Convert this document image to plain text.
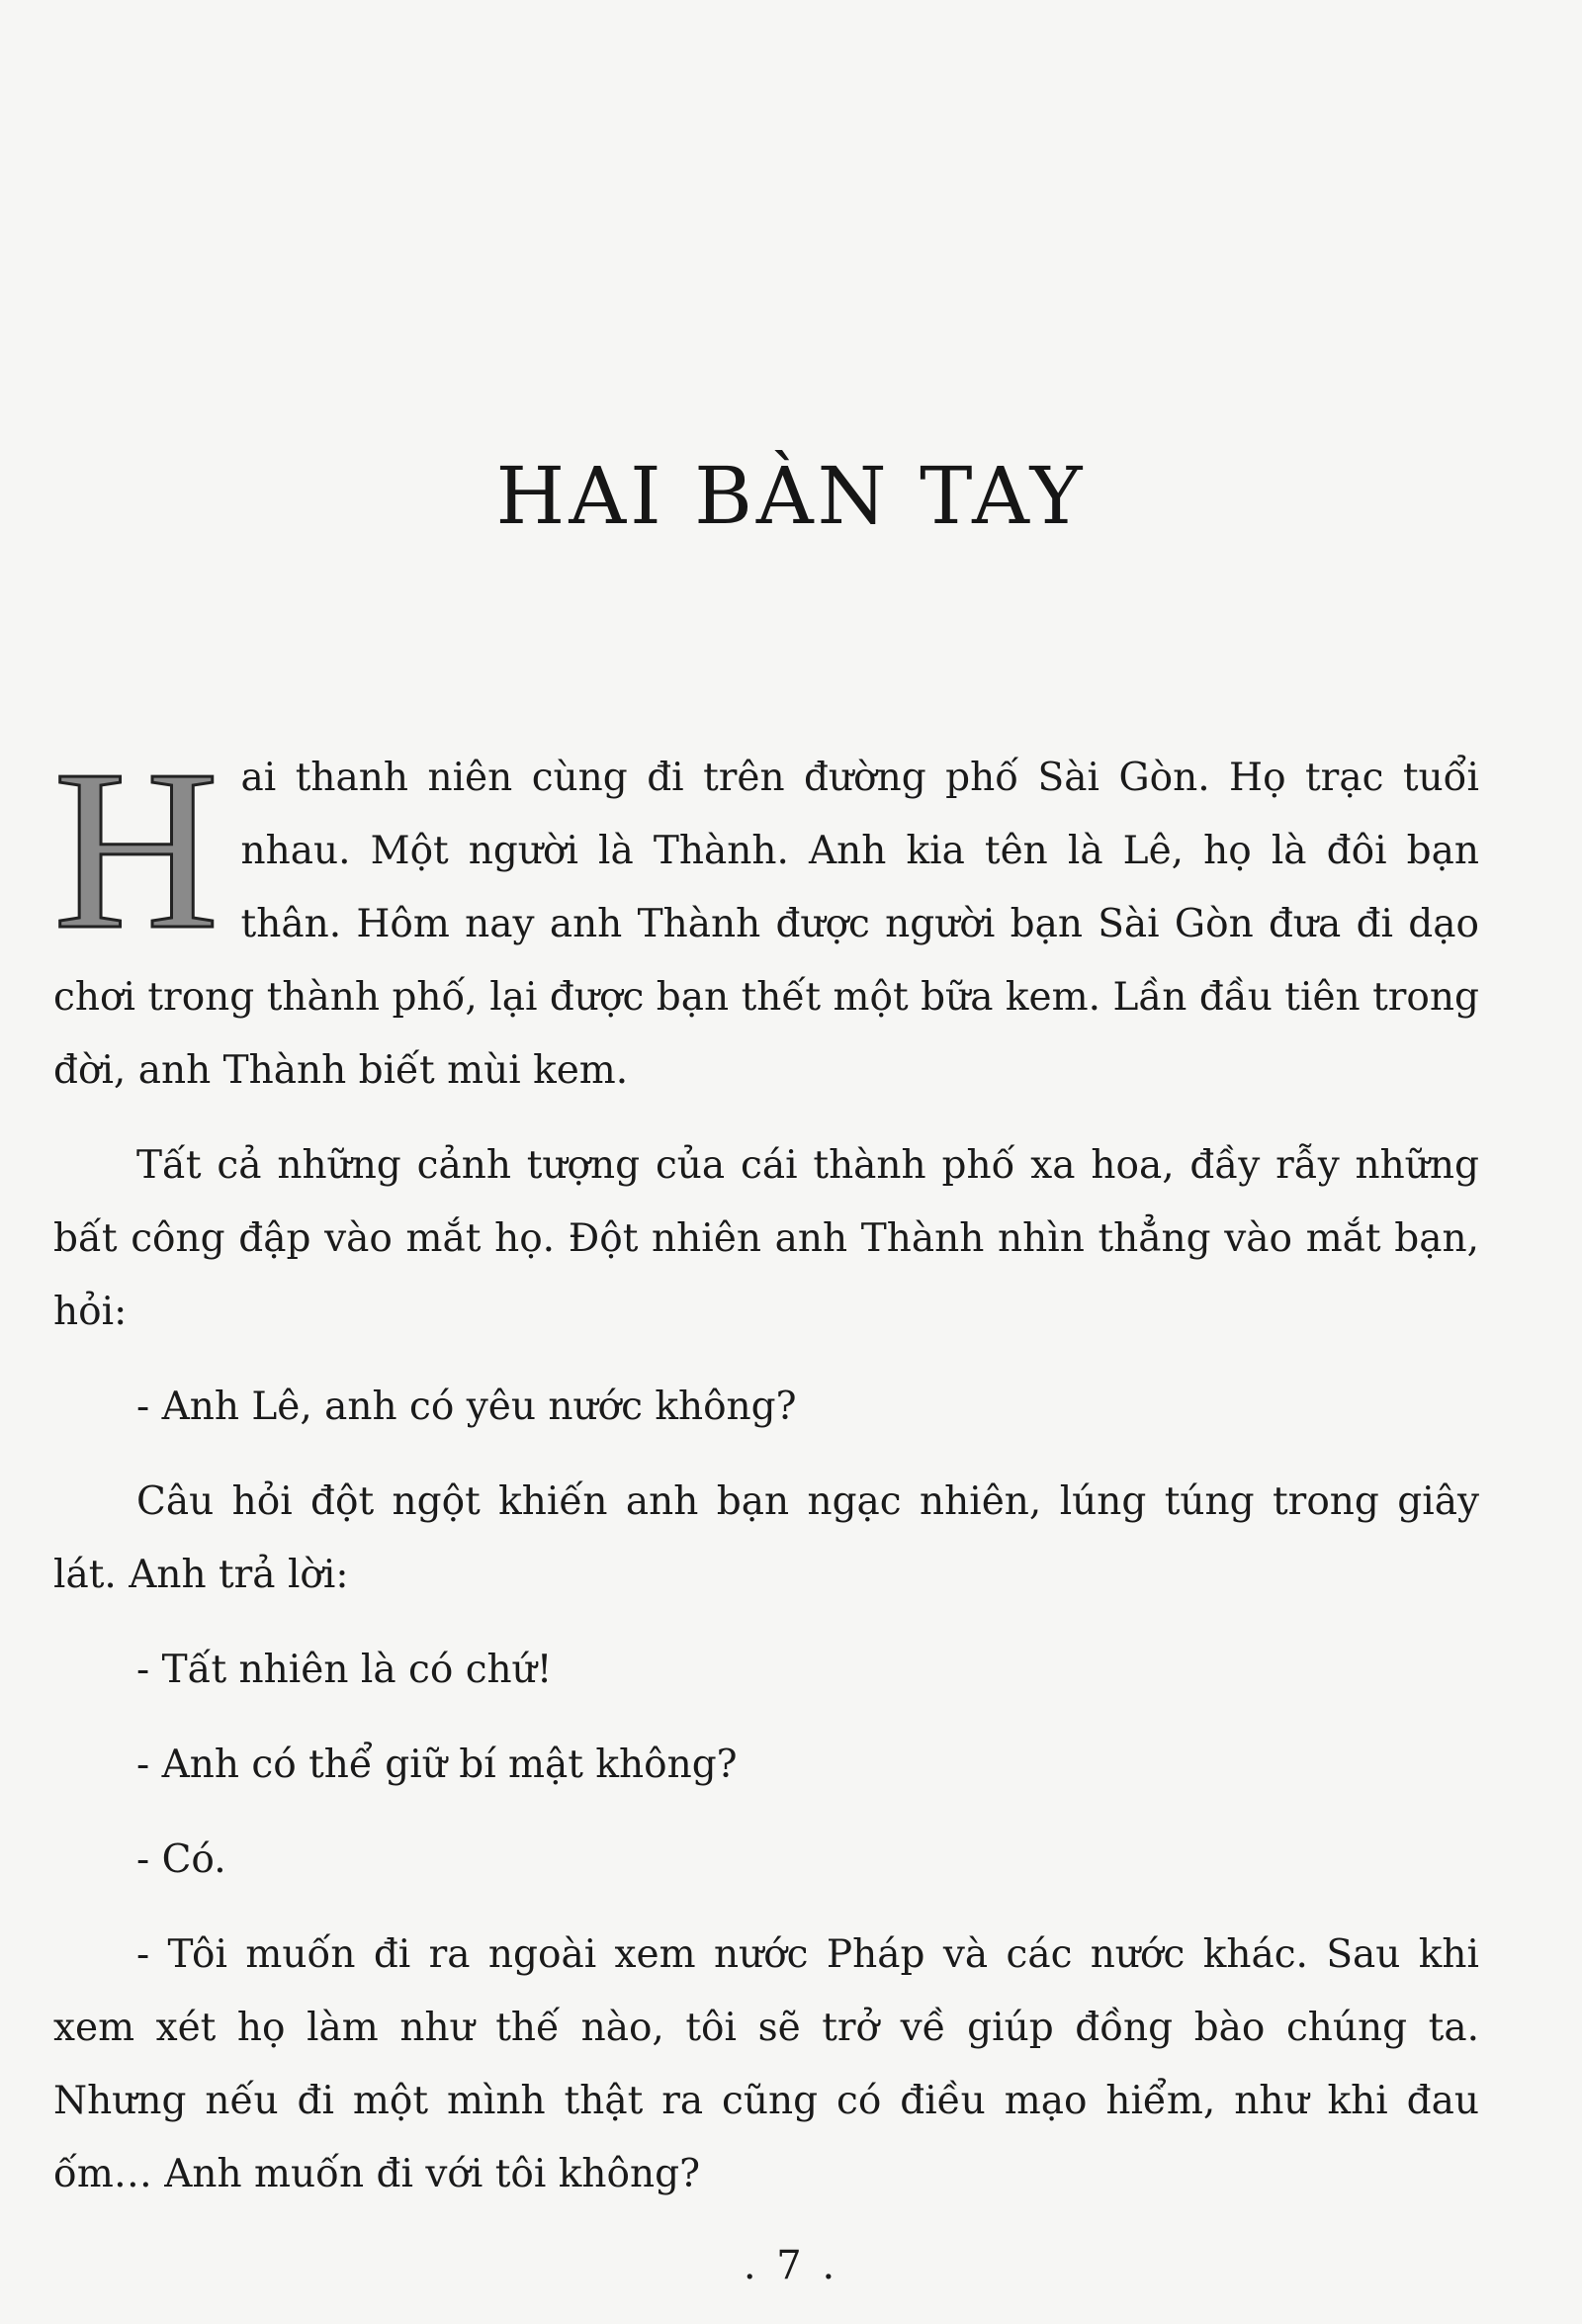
HAI BÀN TAY

H ai thanh niên cùng đi trên đường phố Sài Gòn. Họ trạc tuổi nhau. Một người là Thành. Anh kia tên là Lê, họ là đôi bạn thân. Hôm nay anh Thành được người bạn Sài Gòn đưa đi dạo chơi trong thành phố, lại được bạn thết một bữa kem. Lần đầu tiên trong đời, anh Thành biết mùi kem.

Tất cả những cảnh tượng của cái thành phố xa hoa, đầy rẫy những bất công đập vào mắt họ. Đột nhiên anh Thành nhìn thẳng vào mắt bạn, hỏi:

- Anh Lê, anh có yêu nước không?

Câu hỏi đột ngột khiến anh bạn ngạc nhiên, lúng túng trong giây lát. Anh trả lời:

- Tất nhiên là có chứ!

- Anh có thể giữ bí mật không?

- Có.

- Tôi muốn đi ra ngoài xem nước Pháp và các nước khác. Sau khi xem xét họ làm như thế nào, tôi sẽ trở về giúp đồng bào chúng ta. Nhưng nếu đi một mình thật ra cũng có điều mạo hiểm, như khi đau ốm… Anh muốn đi với tôi không?

. 7 .
